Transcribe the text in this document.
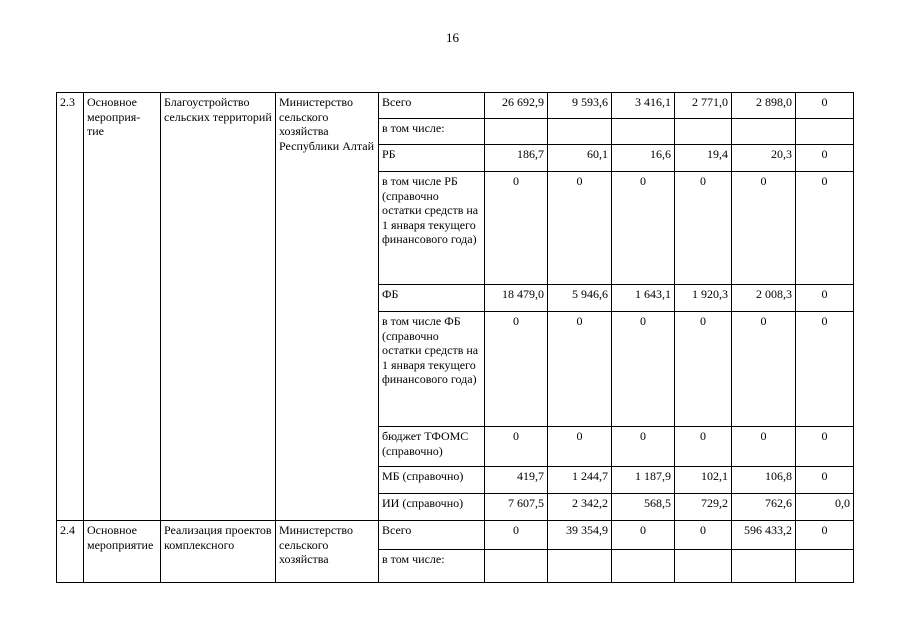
16
2.3	Основное мероприя-тие	Благоустройство сельских территорий	Министерство сельского хозяйства Республики Алтай	Всего	26 692,9	9 593,6	3 416,1	2 771,0	2 898,0	0
				в том числе:						
				РБ	186,7	60,1	16,6	19,4	20,3	0
				в том числе РБ (справочно остатки средств на 1 января текущего финансового года)	0	0	0	0	0	0
				ФБ	18 479,0	5 946,6	1 643,1	1 920,3	2 008,3	0
				в том числе ФБ (справочно остатки средств на 1 января текущего финансового года)	0	0	0	0	0	0
				бюджет ТФОМС (справочно)	0	0	0	0	0	0
				МБ (справочно)	419,7	1 244,7	1 187,9	102,1	106,8	0
				ИИ (справочно)	7 607,5	2 342,2	568,5	729,2	762,6	0,0
2.4	Основное мероприятие	Реализация проектов комплексного	Министерство сельского хозяйства	Всего	0	39 354,9	0	0	596 433,2	0
				в том числе:						
